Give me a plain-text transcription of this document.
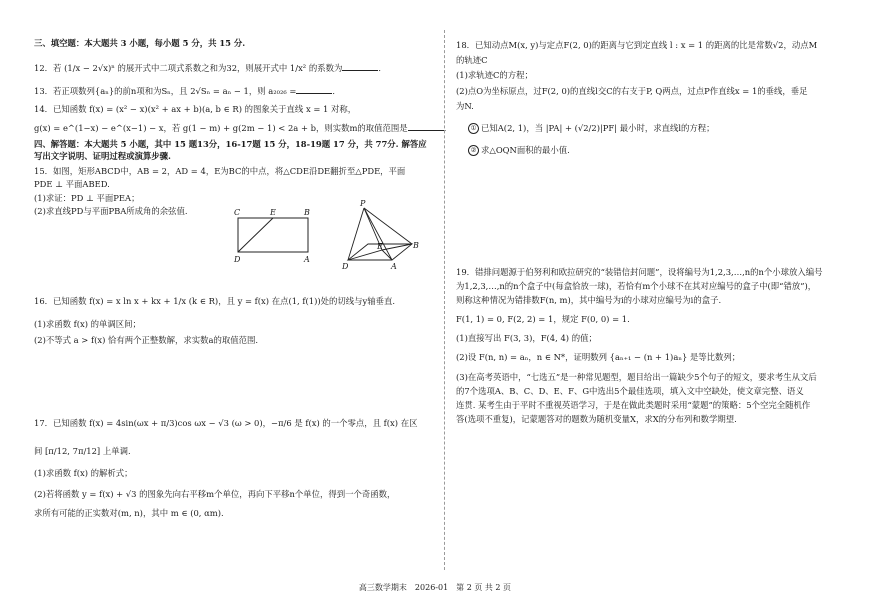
三、填空题：本大题共 3 小题，每小题 5 分，共 15 分.
12．若 (1/x − 2√x)ⁿ 的展开式中二项式系数之和为32，则展开式中 1/x² 的系数为	．
13．若正项数列{aₙ}的前n项和为Sₙ，且 2√Sₙ = aₙ − 1，则 a₂₀₂₆ =	．
14．已知函数 f(x) = (x² − x)(x² + ax + b)(a, b ∈ R) 的图象关于直线 x = 1 对称，
g(x) = e^(1−x) − e^(x−1) − x，若 g(1 − m) + g(2m − 1) < 2a + b，则实数m的取值范围是	．
四、解答题：本大题共 5 小题，其中 15 题13分，16-17题 15 分，18-19题 17 分，共 77分. 解答应
写出文字说明、证明过程或演算步骤.
15．如图，矩形ABCD中，AB = 2，AD = 4，E为BC的中点，将△CDE沿DE翻折至△PDE，平面
PDE ⊥ 平面ABED.
(1)求证：PD ⊥ 平面PEA；
(2)求直线PD与平面PBA所成角的余弦值.
16．已知函数 f(x) = x ln x + kx + 1/x (k ∈ R)，且 y = f(x) 在点(1, f(1))处的切线与y轴垂直.
(1)求函数 f(x) 的单调区间；
(2)不等式 a > f(x) 恰有两个正整数解，求实数a的取值范围.
17．已知函数 f(x) = 4sin(ωx + π/3)cos ωx − √3 (ω > 0)，−π/6 是 f(x) 的一个零点，且 f(x) 在区
间 [π/12, 7π/12] 上单调.
(1)求函数 f(x) 的解析式；
(2)若将函数 y = f(x) + √3 的图象先向右平移m个单位，再向下平移n个单位，得到一个奇函数，
求所有可能的正实数对(m, n)，其中 m ∈ (0, αm).
C	E	B
D	A
P
B
E
D	A
18．已知动点M(x, y)与定点F(2, 0)的距离与它到定直线 l : x = 1 的距离的比是常数√2，动点M
的轨迹C
(1)求轨迹C的方程；
(2)点O为坐标原点，过F(2, 0)的直线l交C的右支于P, Q两点，过点P作直线x = 1的垂线，垂足
为N.
① 已知A(2, 1)，当 |PA| + (√2/2)|PF| 最小时，求直线l的方程；
② 求△OQN面积的最小值.
19．错排问题源于伯努利和欧拉研究的“装错信封问题”，设将编号为1,2,3,…,n的n个小球放入编号
为1,2,3,…,n的n个盒子中(每盒恰放一球)，若恰有m个小球不在其对应编号的盒子中(即“错放”)，
则称这种情况为错排数F(n, m)，其中编号为i的小球对应编号为i的盒子.
F(1, 1) = 0, F(2, 2) = 1，规定 F(0, 0) = 1.
(1)直接写出 F(3, 3)，F(4, 4) 的值；
(2)设 F(n, n) = aₙ，n ∈ N*，证明数列 {aₙ₊₁ − (n + 1)aₙ} 是等比数列；
(3)在高考英语中，“七选五”是一种常见题型，题目给出一篇缺少5个句子的短文，要求考生从文后
的7个选项A、B、C、D、E、F、G中选出5个最佳选项，填入文中空缺处，使文章完整、语义
连贯. 某考生由于平时不重视英语学习，于是在做此类题时采用“蒙题”的策略：5个空完全随机作
答(选项不重复)，记蒙题答对的题数为随机变量X，求X的分布列和数学期望.
高三数学期末　2026-01　第 2 页 共 2 页
